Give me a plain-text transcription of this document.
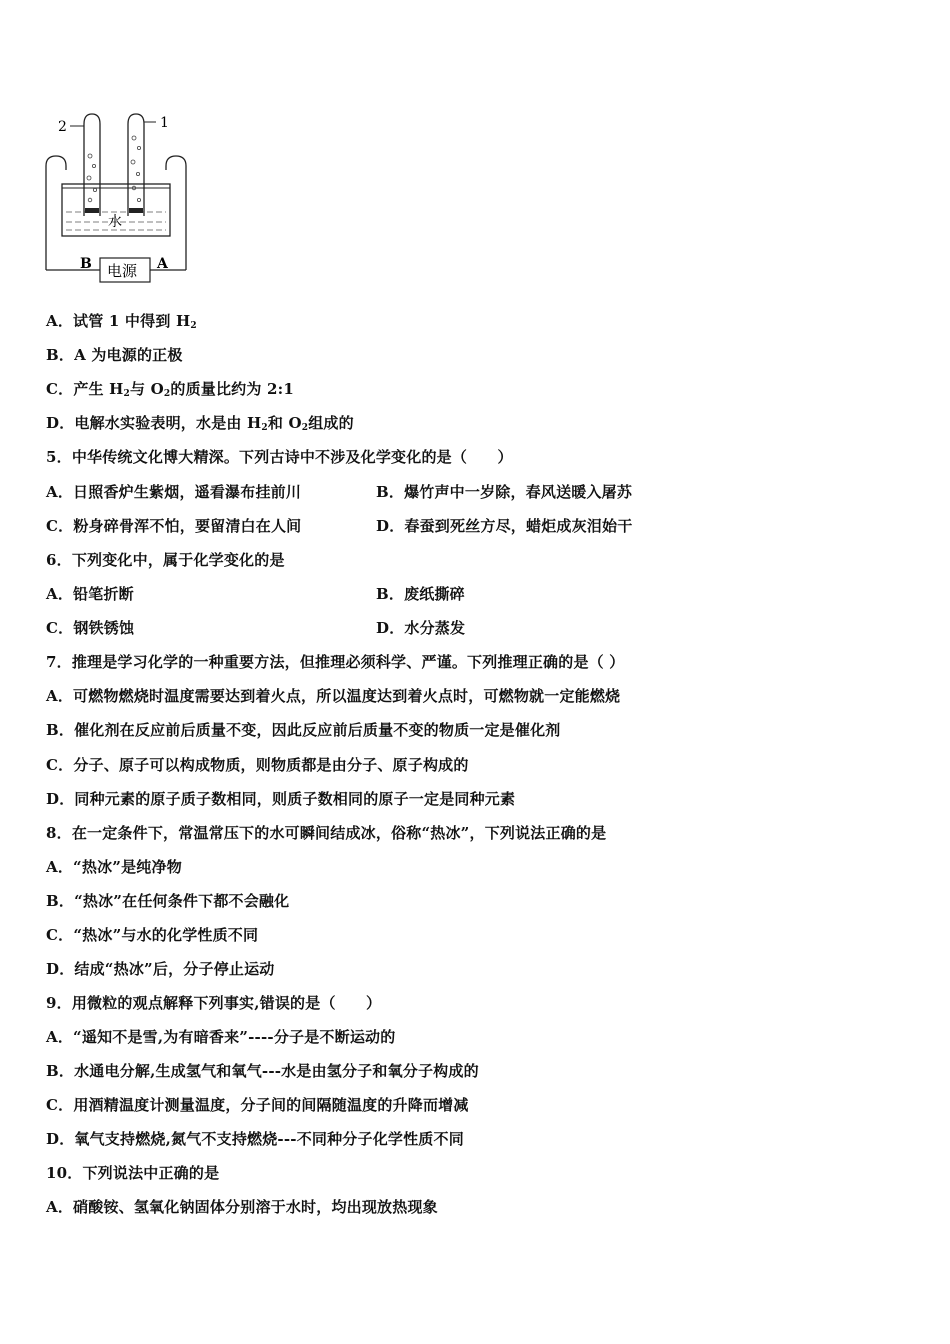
2	1
水
B	A
电源
A．试管 1 中得到 $H_2$
B．A 为电源的正极
C．产生 $H_2$与 $O_2$的质量比约为 2:1
D．电解水实验表明，水是由 $H_2$和 $O_2$组成的
5．中华传统文化博大精深。下列古诗中不涉及化学变化的是（　　）
A．日照香炉生紫烟，遥看瀑布挂前川	B．爆竹声中一岁除，春风送暖入屠苏
C．粉身碎骨浑不怕，要留清白在人间	D．春蚕到死丝方尽，蜡炬成灰泪始干
6．下列变化中，属于化学变化的是
A．铅笔折断	B．废纸撕碎
C．钢铁锈蚀	D．水分蒸发
7．推理是学习化学的一种重要方法，但推理必须科学、严谨。下列推理正确的是（ ）
A．可燃物燃烧时温度需要达到着火点，所以温度达到着火点时，可燃物就一定能燃烧
B．催化剂在反应前后质量不变，因此反应前后质量不变的物质一定是催化剂
C．分子、原子可以构成物质，则物质都是由分子、原子构成的
D．同种元素的原子质子数相同，则质子数相同的原子一定是同种元素
8．在一定条件下，常温常压下的水可瞬间结成冰，俗称“热冰”，下列说法正确的是
A．“热冰”是纯净物
B．“热冰”在任何条件下都不会融化
C．“热冰”与水的化学性质不同
D．结成“热冰”后，分子停止运动
9．用微粒的观点解释下列事实,错误的是（　　）
A．“遥知不是雪,为有暗香来”----分子是不断运动的
B．水通电分解,生成氢气和氧气---水是由氢分子和氧分子构成的
C．用酒精温度计测量温度，分子间的间隔随温度的升降而增减
D．氧气支持燃烧,氮气不支持燃烧---不同种分子化学性质不同
10．下列说法中正确的是
A．硝酸铵、氢氧化钠固体分别溶于水时，均出现放热现象
